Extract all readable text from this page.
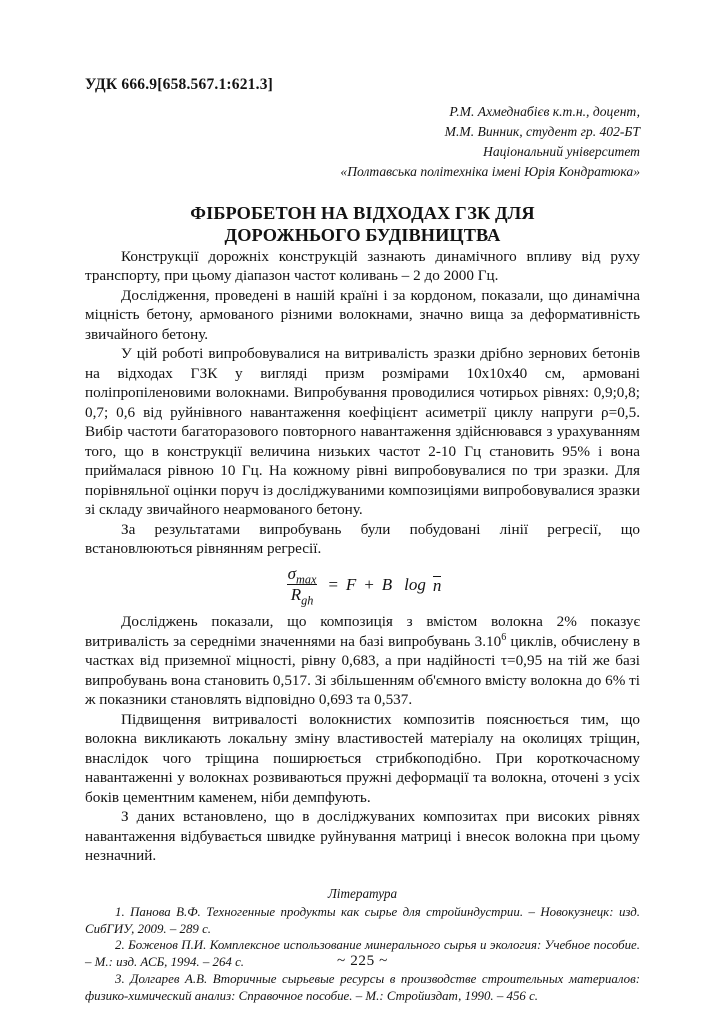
УДК 666.9[658.567.1:621.3]
Р.М. Ахмеднабієв к.т.н., доцент,
М.М. Винник, студент гр. 402-БТ
Національний університет
«Полтавська політехніка імені Юрія Кондратюка»
ФІБРОБЕТОН НА ВІДХОДАХ ГЗК ДЛЯ
ДОРОЖНЬОГО БУДІВНИЦТВА

Конструкції дорожніх конструкцій зазнають динамічного впливу від руху транспорту, при цьому діапазон частот коливань – 2 до 2000 Гц.

Дослідження, проведені в нашій країні і за кордоном, показали, що динамічна міцність бетону, армованого різними волокнами, значно вища за деформативність звичайного бетону.

У цій роботі випробовувалися на витривалість зразки дрібно зернових бетонів на відходах ГЗК у вигляді призм розмірами 10x10x40 см, армовані поліпропіленовими волокнами. Випробування проводилися чотирьох рівнях: 0,9;0,8; 0,7; 0,6 від руйнівного навантаження коефіцієнт асиметрії циклу напруги ρ=0,5. Вибір частоти багаторазового повторного навантаження здійснювався з урахуванням того, що в конструкції величина низьких частот 2-10 Гц становить 95% і вона приймалася рівною 10 Гц. На кожному рівні випробовувалися по три зразки. Для порівняльної оцінки поруч із досліджуваними композиціями випробовувалися зразки зі складу звичайного неармованого бетону.

За результатами випробувань були побудовані лінії регресії, що встановлюються рівнянням регресії.

$\frac{\sigma_{max}}{R_{gh}} = F + B$ log n

Досліджень показали, що композиція з вмістом волокна 2% показує витривалість за середніми значеннями на базі випробувань 3.10$^6$ циклів, обчислену в частках від приземної міцності, рівну 0,683, а при надійності τ=0,95 на тій же базі випробувань вона становить 0,517. Зі збільшенням об'ємного вмісту волокна до 6% ті ж показники становлять відповідно 0,693 та 0,537.

Підвищення витривалості волокнистих композитів пояснюється тим, що волокна викликають локальну зміну властивостей матеріалу на околицях тріщин, внаслідок чого тріщина поширюється стрибкоподібно. При короткочасному навантаженні у волокнах розвиваються пружні деформації та волокна, оточені з усіх боків цементним каменем, ніби демпфують.

З даних встановлено, що в досліджуваних композитах при високих рівнях навантаження відбувається швидке руйнування матриці і внесок волокна при цьому незначний.

Література

1. Панова В.Ф. Техногенные продукты как сырье для стройиндустрии. – Новокузнецк: изд. СибГИУ, 2009. – 289 с.

2. Боженов П.И. Комплексное использование минерального сырья и экология: Учебное пособие. – М.: изд. АСБ, 1994. – 264 с.

3. Долгарев А.В. Вторичные сырьевые ресурсы в производстве строительных материалов: физико-химический анализ: Справочное пособие. – М.: Стройиздат, 1990. – 456 с.

~ 225 ~
